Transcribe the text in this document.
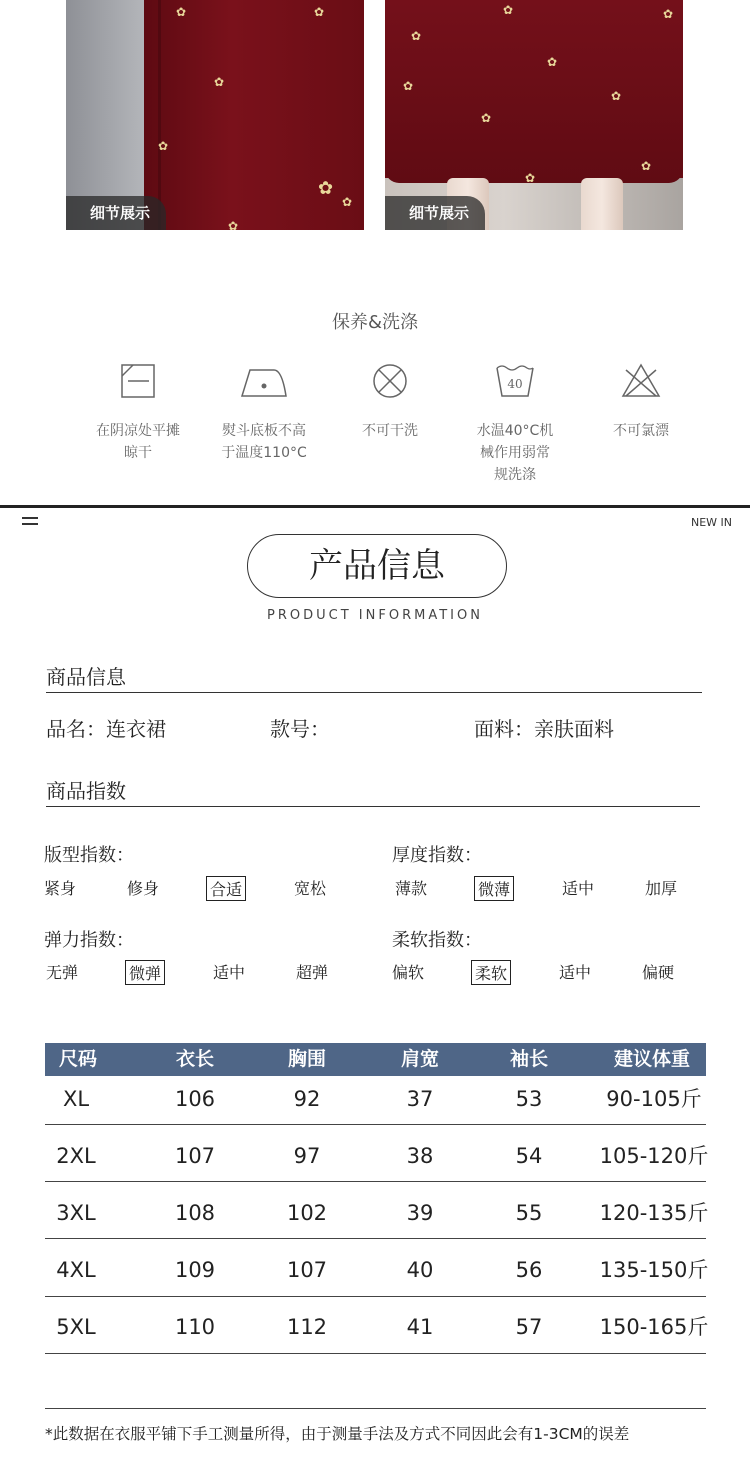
✿
✿
✿
✿
✿
✿
✿
细节展示
✿
✿	✿
✿
✿
✿
✿
✿
✿
细节展示
保养&洗涤
在阴凉处平摊
晾干
熨斗底板不高
于温度110°C
不可干洗
40
水温40°C机
械作用弱常
规洗涤
不可氯漂
NEW IN
产品信息
PRODUCT INFORMATION
商品信息
品名：连衣裙	款号：	面料：亲肤面料
商品指数
版型指数：
紧身	修身	合适	宽松
厚度指数：
薄款	微薄	适中	加厚
弹力指数：
无弹	微弹	适中	超弹
柔软指数：
偏软	柔软	适中	偏硬
尺码	衣长	胸围	肩宽	袖长	建议体重
XL	106	92	37	53	90-105斤
2XL	107	97	38	54	105-120斤
3XL	108	102	39	55	120-135斤
4XL	109	107	40	56	135-150斤
5XL	110	112	41	57	150-165斤
*此数据在衣服平铺下手工测量所得，由于测量手法及方式不同因此会有1-3CM的误差
